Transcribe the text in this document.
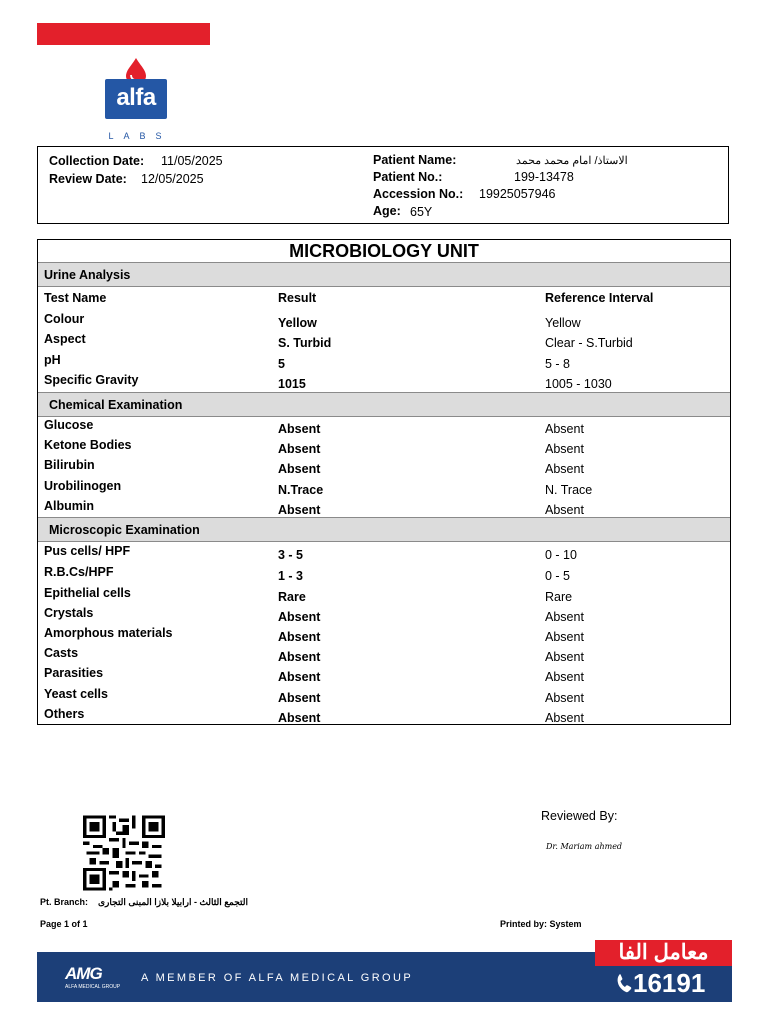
alfa
LABS
Collection Date: 11/05/2025
Review Date: 12/05/2025
Patient Name:	الاستاذ/ امام محمد محمد
Patient No.:	199-13478
Accession No.: 19925057946
Age: 65Y
MICROBIOLOGY UNIT
Urine Analysis
Test Name	Result	Reference Interval
Colour	Yellow	Yellow
Aspect	S. Turbid	Clear - S.Turbid
pH	5	5 - 8
Specific Gravity	1015	1005 - 1030
Chemical Examination
Glucose	Absent	Absent
Ketone Bodies	Absent	Absent
Bilirubin	Absent	Absent
Urobilinogen	N.Trace	N. Trace
Albumin	Absent	Absent
Microscopic Examination
Pus cells/ HPF	3 - 5	0 - 10
R.B.Cs/HPF	1 - 3	0 - 5
Epithelial cells	Rare	Rare
Crystals	Absent	Absent
Amorphous materials	Absent	Absent
Casts	Absent	Absent
Parasities	Absent	Absent
Yeast cells	Absent	Absent
Others	Absent	Absent
Pt. Branch: التجمع الثالث - ارابيلا بلازا المبنى التجارى
Page 1 of 1	Printed by: System
Reviewed By:
Dr. Mariam ahmed
AMG
ALFA MEDICAL GROUP
A MEMBER OF ALFA MEDICAL GROUP
معامل الفا
16191
